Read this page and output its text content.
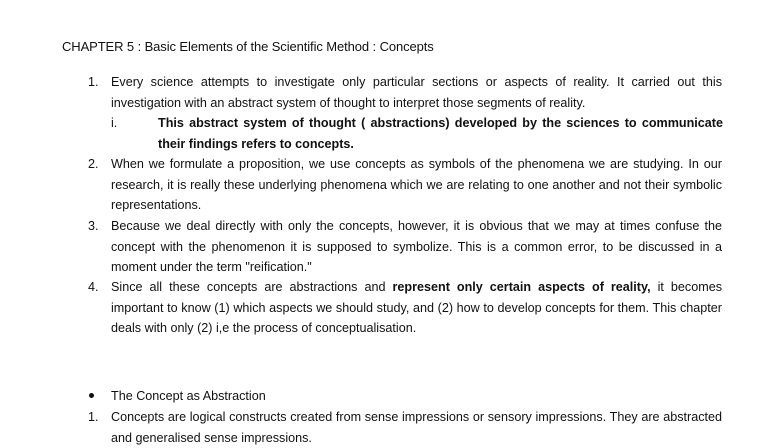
CHAPTER 5 : Basic Elements of the Scientific Method : Concepts
1. Every science attempts to investigate only particular sections or aspects of reality. It carried out this investigation with an abstract system of thought to interpret those segments of reality.
i.	This abstract system of thought ( abstractions) developed by the sciences to communicate their findings refers to concepts.
2. When we formulate a proposition, we use concepts as symbols of the phenomena we are studying. In our research, it is really these underlying phenomena which we are relating to one another and not their symbolic representations.
3. Because we deal directly with only the concepts, however, it is obvious that we may at times confuse the concept with the phenomenon it is supposed to symbolize. This is a common error, to be discussed in a moment under the term "reification."
4. Since all these concepts are abstractions and represent only certain aspects of reality, it becomes important to know (1) which aspects we should study, and (2) how to develop concepts for them. This chapter deals with only (2) i,e the process of conceptualisation.
The Concept as Abstraction
1. Concepts are logical constructs created from sense impressions or sensory impressions. They are abstracted and generalised sense impressions.
